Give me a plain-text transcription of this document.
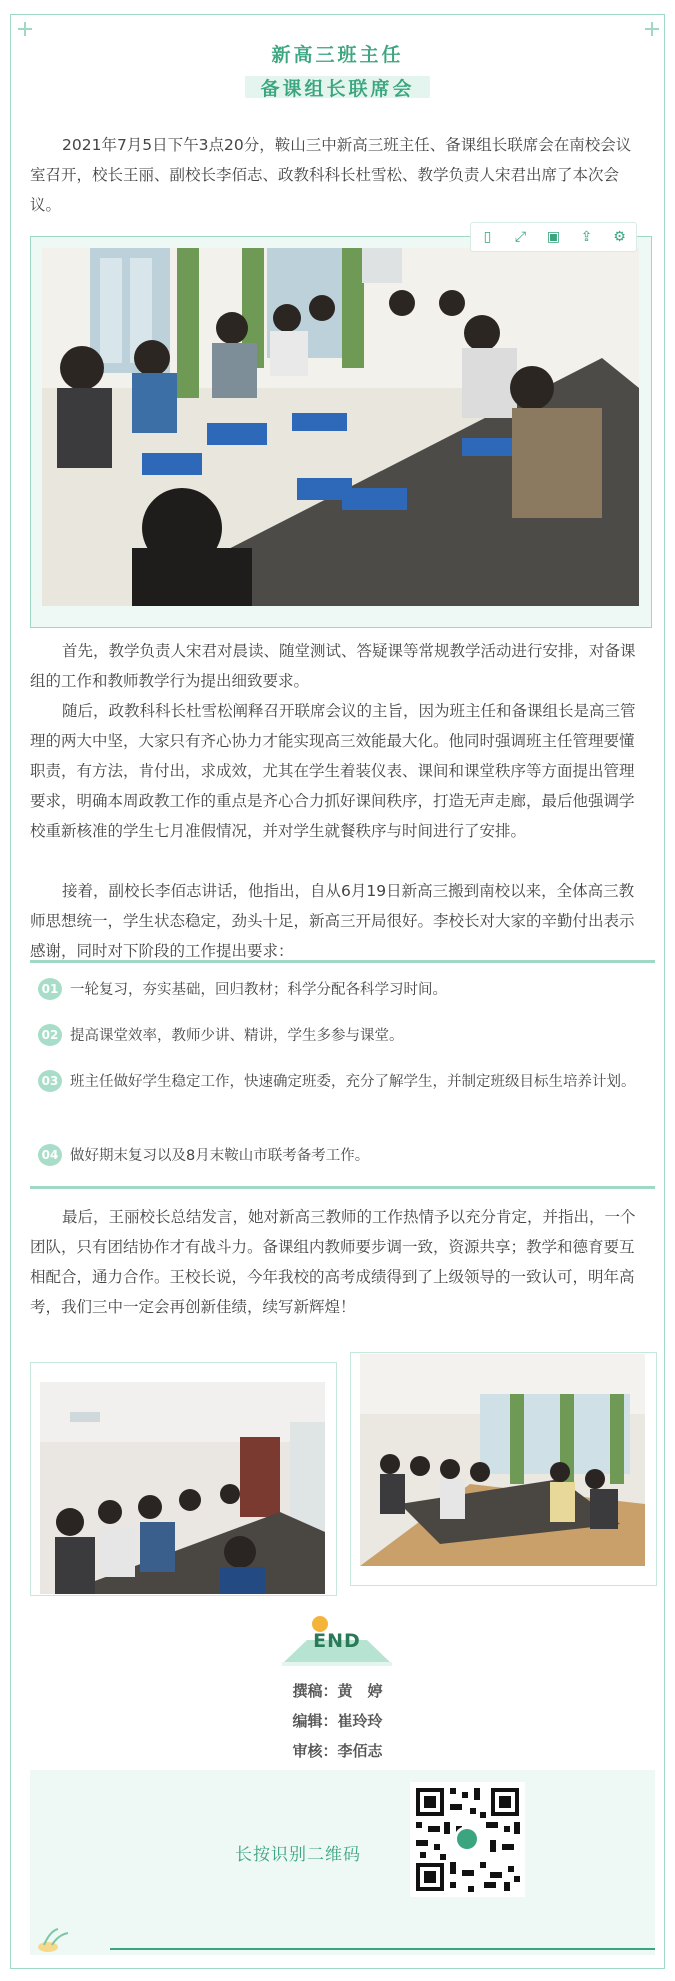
新高三班主任
备课组长联席会

2021年7月5日下午3点20分，鞍山三中新高三班主任、备课组长联席会在南校会议室召开，校长王丽、副校长李佰志、政教科科长杜雪松、教学负责人宋君出席了本次会议。

▯	⤢ ▣ ⇪ ⚙

首先，教学负责人宋君对晨读、随堂测试、答疑课等常规教学活动进行安排，对备课组的工作和教师教学行为提出细致要求。

随后，政教科科长杜雪松阐释召开联席会议的主旨，因为班主任和备课组长是高三管理的两大中坚，大家只有齐心协力才能实现高三效能最大化。他同时强调班主任管理要懂职责，有方法，肯付出，求成效，尤其在学生着装仪表、课间和课堂秩序等方面提出管理要求，明确本周政教工作的重点是齐心合力抓好课间秩序，打造无声走廊，最后他强调学校重新核准的学生七月准假情况，并对学生就餐秩序与时间进行了安排。

接着，副校长李佰志讲话，他指出，自从6月19日新高三搬到南校以来，全体高三教师思想统一，学生状态稳定，劲头十足，新高三开局很好。李校长对大家的辛勤付出表示感谢，同时对下阶段的工作提出要求：

01 一轮复习，夯实基础，回归教材；科学分配各科学习时间。
02 提高课堂效率，教师少讲、精讲，学生多参与课堂。
03 班主任做好学生稳定工作，快速确定班委，充分了解学生，并制定班级目标生培养计划。
04 做好期末复习以及8月末鞍山市联考备考工作。

最后，王丽校长总结发言，她对新高三教师的工作热情予以充分肯定，并指出，一个团队，只有团结协作才有战斗力。备课组内教师要步调一致，资源共享；教学和德育要互相配合，通力合作。王校长说，今年我校的高考成绩得到了上级领导的一致认可，明年高考，我们三中一定会再创新佳绩，续写新辉煌！

END
撰稿：黄　婷
编辑：崔玲玲
审核：李佰志
长按识别二维码
